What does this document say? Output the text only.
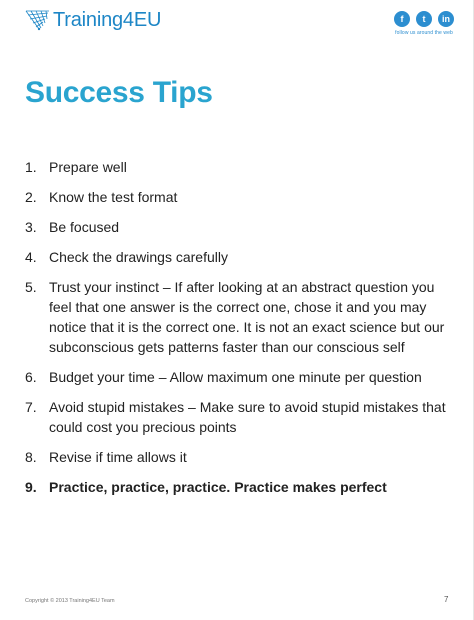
Training4EU	f	t	in
follow us around the web
Success Tips
1. Prepare well
2. Know the test format
3. Be focused
4. Check the drawings carefully
5. Trust your instinct – If after looking at an abstract question you feel that one answer is the correct one, chose it and you may notice that it is the correct one. It is not an exact science but our subconscious gets patterns faster than our conscious self
6. Budget your time – Allow maximum one minute per question
7. Avoid stupid mistakes – Make sure to avoid stupid mistakes that could cost you precious points
8. Revise if time allows it
9. Practice, practice, practice. Practice makes perfect
Copyright © 2013 Training4EU Team	7
